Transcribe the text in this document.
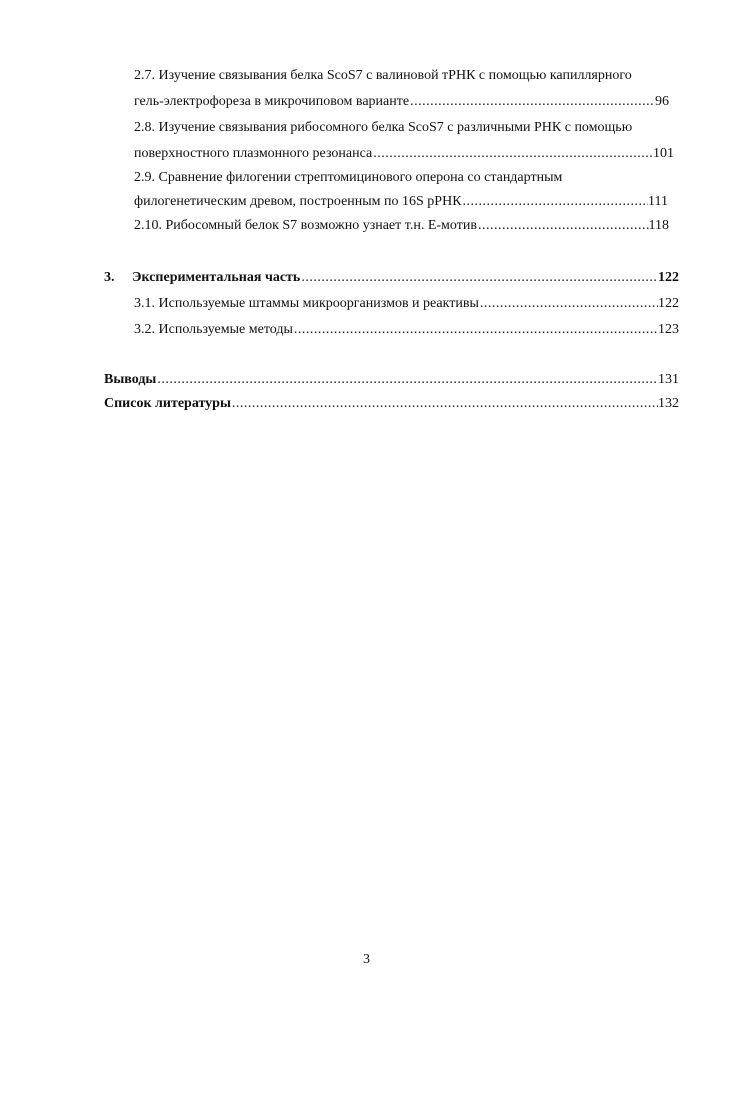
2.7. Изучение связывания белка ScoS7 с валиновой тРНК с помощью капиллярного
гель-электрофореза в микрочиповом варианте .....	96
2.8. Изучение связывания рибосомного белка ScoS7 с различными РНК с помощью
поверхностного плазмонного резонанса .....	101
2.9. Сравнение филогении стрептомицинового оперона со стандартным
филогенетическим древом, построенным по 16S рРНК .....	111
2.10. Рибосомный белок S7 возможно узнает т.н. E-мотив .....	118
3. Экспериментальная часть .....	122
3.1. Используемые штаммы микроорганизмов и реактивы .....	122
3.2. Используемые методы .....	123
Выводы .....	131
Список литературы .....	132
3
